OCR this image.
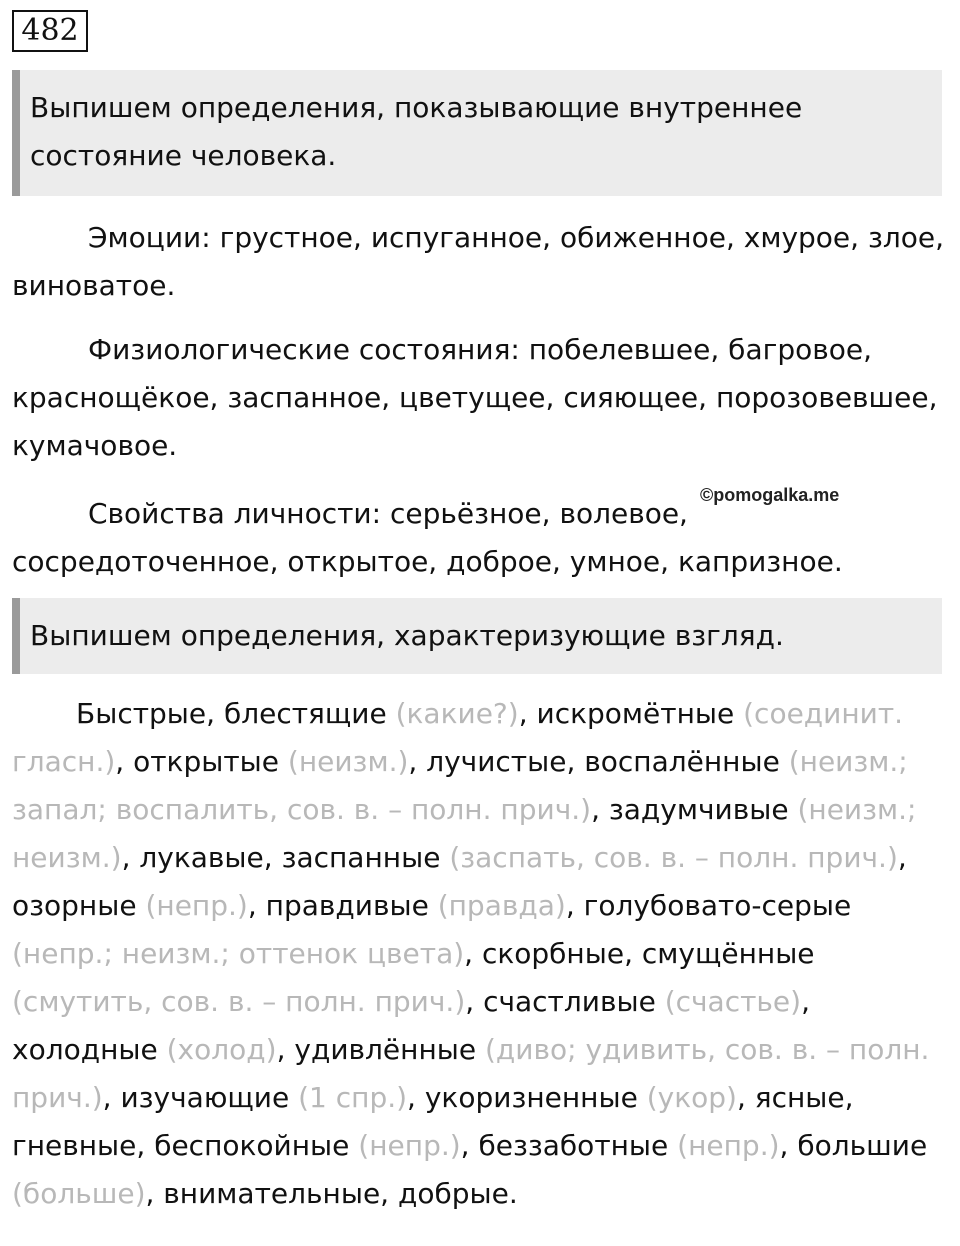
482
Выпишем определения, показывающие внутреннее состояние человека.

Эмоции: грустное, испуганное, обиженное, хмурое, злое, виноватое.

Физиологические состояния: побелевшее, багровое, краснощёкое, заспанное, цветущее, сияющее, порозовевшее, кумачовое.

Свойства личности: серьёзное, волевое, сосредоточенное, открытое, доброе, умное, капризное.

©pomogalka.me
Выпишем определения, характеризующие взгляд.

Быстрые, блестящие (какие?), искромётные (соединит. гласн.), открытые (неизм.), лучистые, воспалённые (неизм.; запал; воспалить, сов. в. – полн. прич.), задумчивые (неизм.; неизм.), лукавые, заспанные (заспать, сов. в. – полн. прич.), озорные (непр.), правдивые (правда), голубовато-серые (непр.; неизм.; оттенок цвета), скорбные, смущённые (смутить, сов. в. – полн. прич.), счастливые (счастье), холодные (холод), удивлённые (диво; удивить, сов. в. – полн. прич.), изучающие (1 спр.), укоризненные (укор), ясные, гневные, беспокойные (непр.), беззаботные (непр.), большие (больше), внимательные, добрые.
